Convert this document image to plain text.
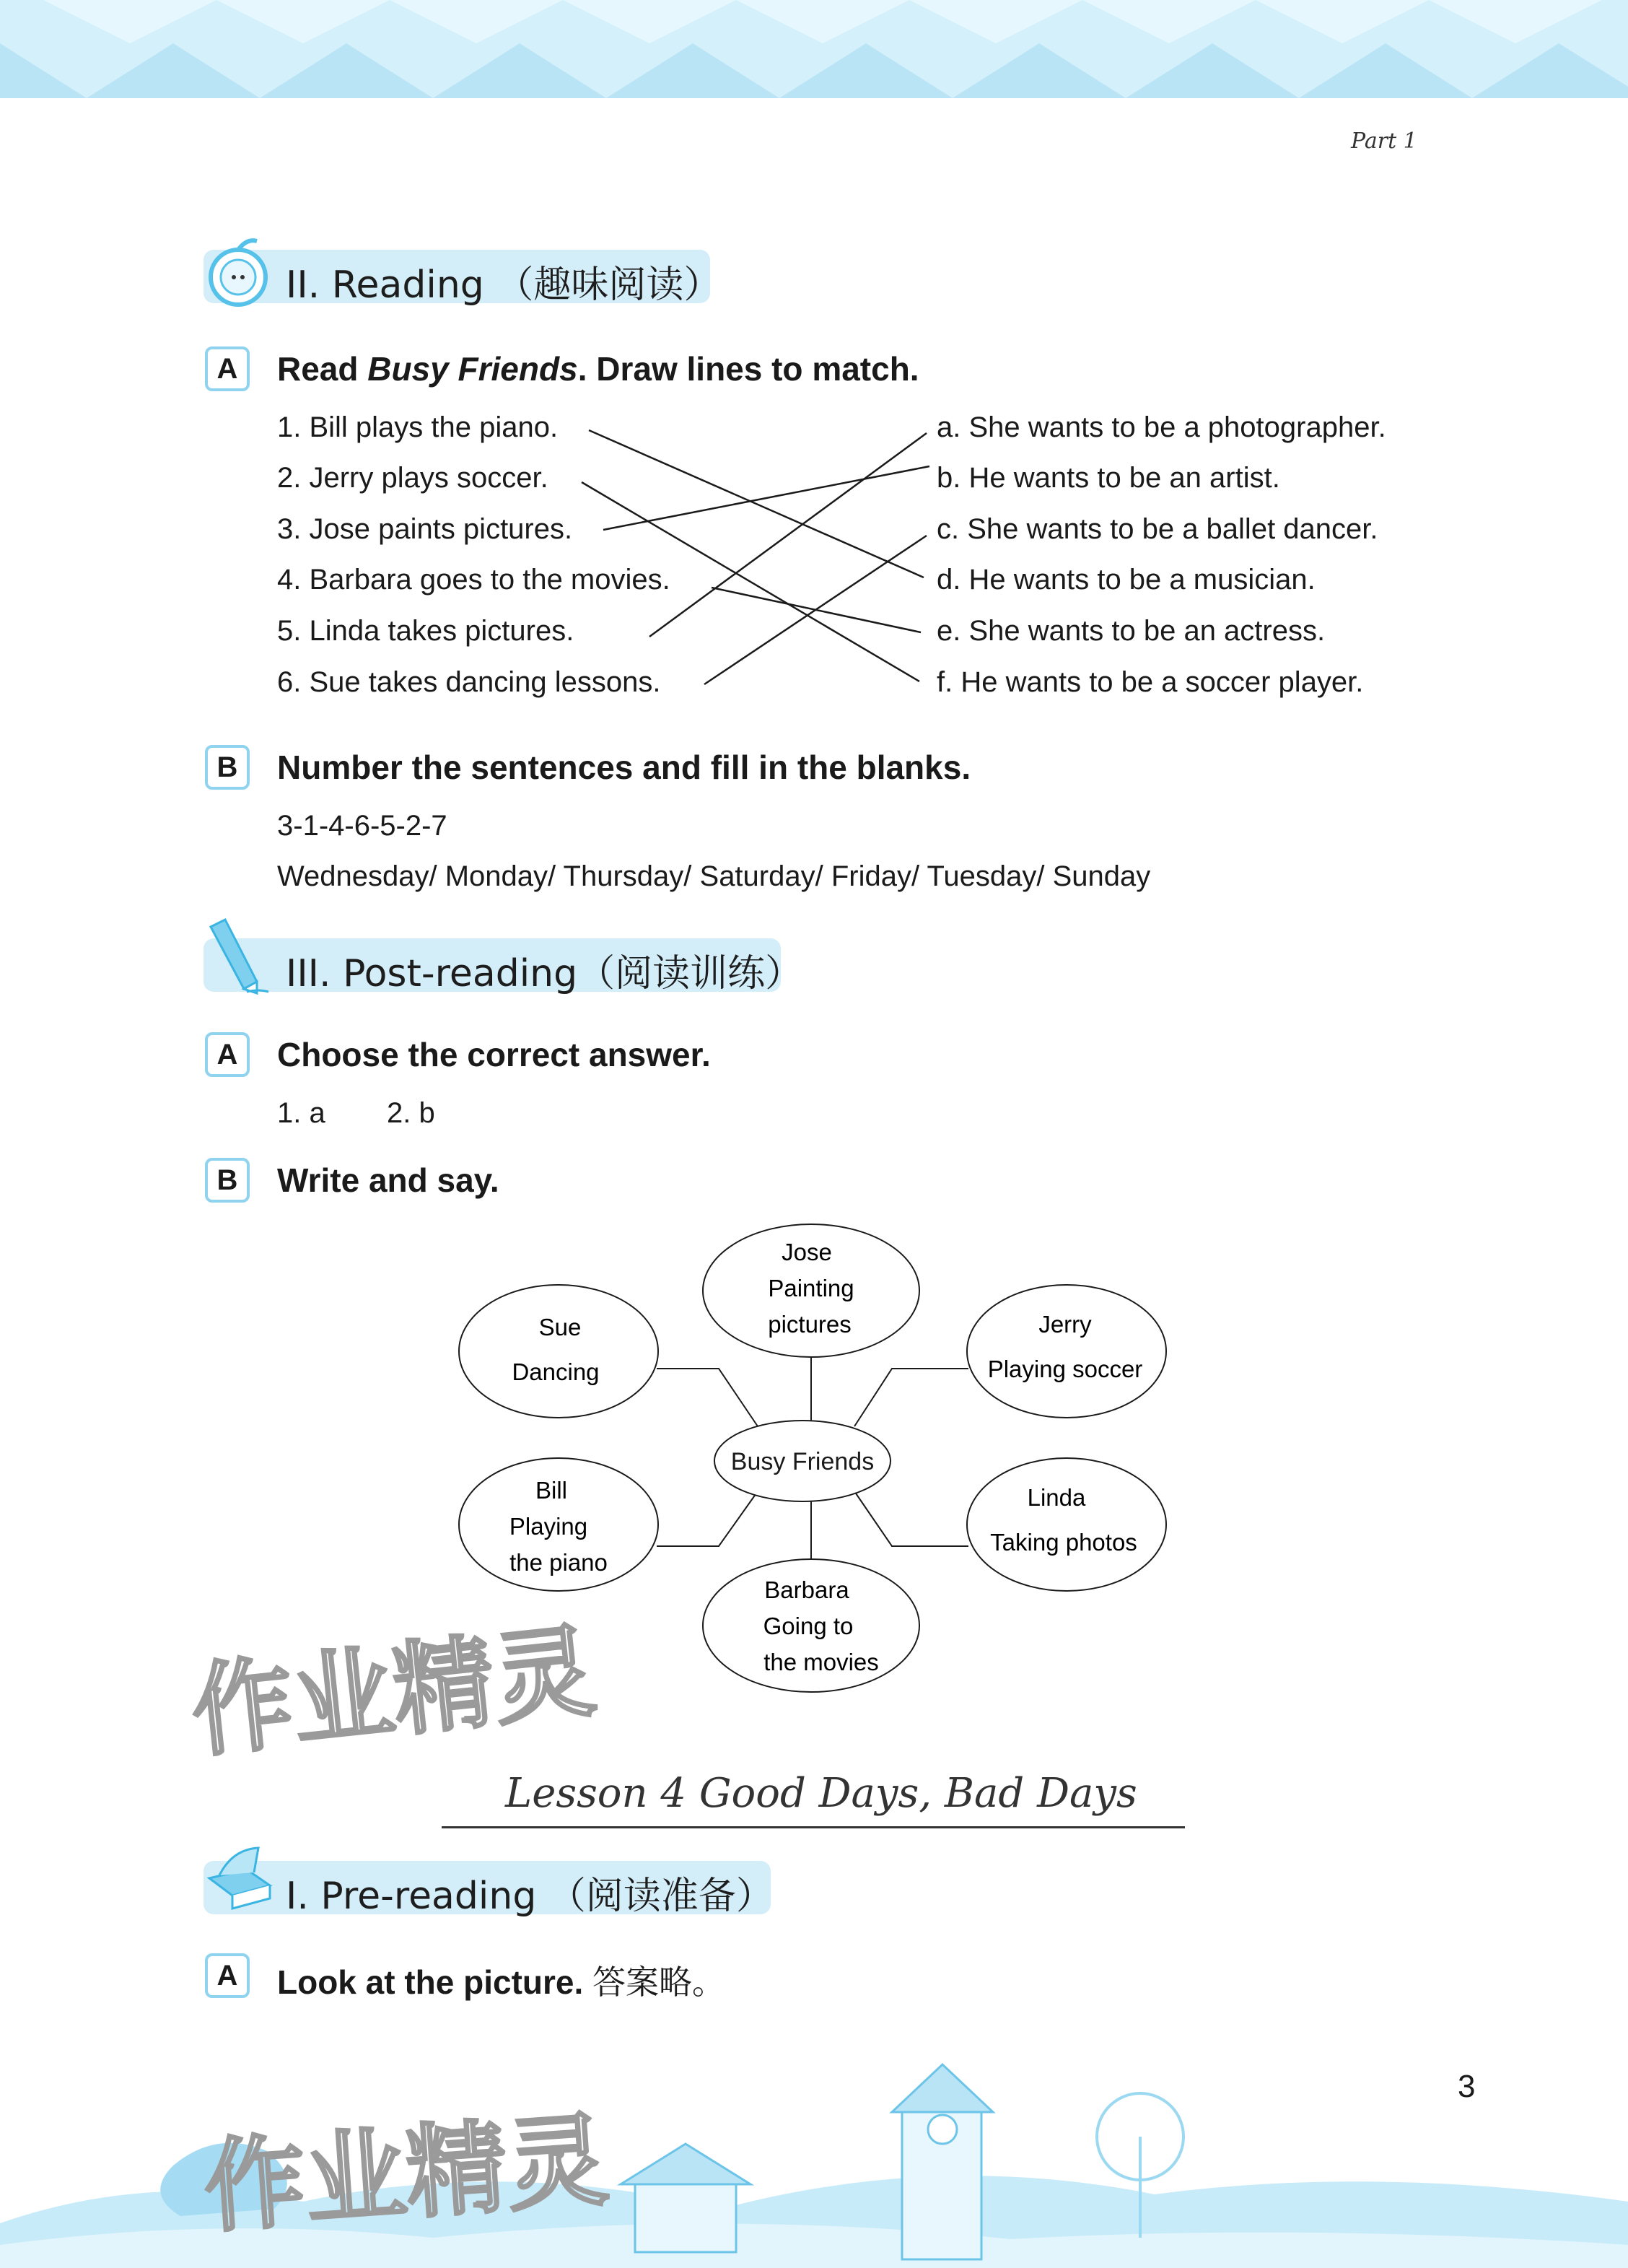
Part 1
II. Reading （趣味阅读）
A	Read Busy Friends. Draw lines to match.
1. Bill plays the piano.
2. Jerry plays soccer.
3. Jose paints pictures.
4. Barbara goes to the movies.
5. Linda takes pictures.
6. Sue takes dancing lessons.
a. She wants to be a photographer.
b. He wants to be an artist.
c. She wants to be a ballet dancer.
d. He wants to be a musician.
e. She wants to be an actress.
f. He wants to be a soccer player.
B	Number the sentences and fill in the blanks.
3-1-4-6-5-2-7
Wednesday/ Monday/ Thursday/ Saturday/ Friday/ Tuesday/ Sunday
III. Post-reading（阅读训练）
A	Choose the correct answer.
1. a 2. b
B	Write and say.
Busy Friends
Jose
Painting
pictures
Sue
Dancing
Jerry
Playing soccer
Bill
Playing
the piano
Linda
Taking photos
Barbara
Going to
the movies
作业精灵
Lesson 4 Good Days, Bad Days
I. Pre-reading （阅读准备）
A	Look at the picture. 答案略。
3
作业精灵
